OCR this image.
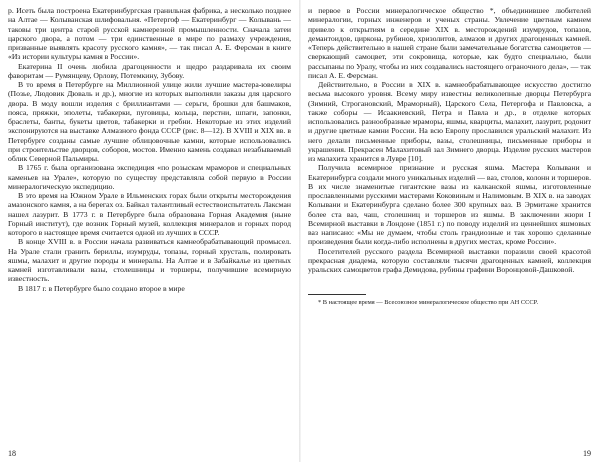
р. Исеть была построена Екатеринбургская гранильная фабрика, а несколько позднее на Алтае — Колыванская шлифовальня. «Петергоф — Екатеринбург — Колывань — таковы три центра старой русской камнерезной промышленности. Сначала затеи царского двора, а потом — три единственные в мире по размаху учреждения, призванные выявлять красоту русского камня», — так писал А. Е. Ферсман в книге «Из истории культуры камня в России».

Екатерина II очень любила драгоценности и щедро раздаривала их своим фаворитам — Румянцеву, Орлову, Потемкину, Зубову.

В то время в Петербурге на Миллионной улице жили лучшие мастера-ювелиры (Позье, Людовик Дюваль и др.), многие из которых выполняли заказы для царского двора. В моду вошли изделия с бриллиантами — серьги, брошки для башмаков, пояса, пряжки, эполеты, табакерки, пуговицы, кольца, перстни, шпаги, запонки, браслеты, банты, букеты цветов, табакерки и гребни. Некоторые из этих изделий экспонируются на выставке Алмазного фонда СССР (рис. 8—12). В XVIII и XIX вв. в Петербурге созданы самые лучшие облицовочные камни, которые использовались при строительстве дворцов, соборов, мостов. Именно камень создавал незабываемый облик Северной Пальмиры.

В 1765 г. была организована экспедиция «по розыскам мраморов и специальных каменьев на Урале», которую по существу представляла собой первую в России минералогическую экспедицию.

В это время на Южном Урале в Ильменских горах были открыты месторождения амазонского камня, а на берегах оз. Байкал талантливый естествоиспытатель Лаксман нашел лазурит. В 1773 г. в Петербурге была образована Горная Академия (ныне Горный институт), где возник Горный музей, коллекция минералов и горных пород которого в настоящее время считается одной из лучших в СССР.

В конце XVIII в. в России начала развиваться камнеобрабатывающий промысел. На Урале стали гранить бериллы, изумруды, топазы, горный хрусталь, полировать яшмы, малахит и другие породы и минералы. На Алтае и в Забайкалье из цветных камней изготавливали вазы, столешницы и торшеры, получившие всемирную известность.

В 1817 г. в Петербурге было создано второе в мире

18

и первое в России минералогическое общество *, объединившее любителей минералогии, горных инженеров и ученых страны. Увлечение цветным камнем привело к открытиям в середине XIX в. месторождений изумрудов, топазов, демантоидов, циркона, рубинов, хризолитов, алмазов и других драгоценных камней. «Теперь действительно в нашей стране были замечательные богатства самоцветов — сверкающий самоцвет, эти сокровища, которые, как будто специально, были рассыпаны по Уралу, чтобы из них создавались настоящего ограночного дела», — так писал А. Е. Ферсман.

Действительно, в России в XIX в. камнеобрабатывающее искусство достигло весьма высокого уровня. Всему миру известны великолепные дворцы Петербурга (Зимний, Строгановский, Мраморный), Царского Села, Петергофа и Павловска, а также соборы — Исаакиевский, Петра и Павла и др., в отделке которых использовались разнообразные мраморы, яшмы, кварциты, малахит, лазурит, родонит и другие цветные камни России. На всю Европу прославился уральский малахит. Из него делали письменные приборы, вазы, столешницы, письменные приборы и украшения. Прекрасен Малахитовый зал Зимнего дворца. Изделие русских мастеров из малахита хранится в Лувре [10].

Получила всемирное признание и русская яшма. Мастера Колывани и Екатеринбурга создали много уникальных изделий — ваз, столов, колонн и торшеров. В их числе знаменитые гигантские вазы из калканской яшмы, изготовленные прославленными русскими мастерами Коковиным и Налимовым. В XIX в. на заводах Колывани и Екатеринбурга сделано более 300 крупных ваз. В Эрмитаже хранится более ста ваз, чаш, столешниц и торшеров из яшмы. В заключении жюри I Всемирной выставки в Лондоне (1851 г.) по поводу изделий из ценнейших яшмовых ваз написано: «Мы не думаем, чтобы столь грандиозные и так хорошо сделанные произведения были когда-либо исполнены в других местах, кроме России».

Посетителей русского раздела Всемирной выставки поразили своей красотой прекрасная диадема, которую составляли тысячи драгоценных камней, коллекция уральских самоцветов графа Демидова, рубины графини Воронцовой-Дашковой.

* В настоящее время — Всесоюзное минералогическое общество при АН СССР.
19
